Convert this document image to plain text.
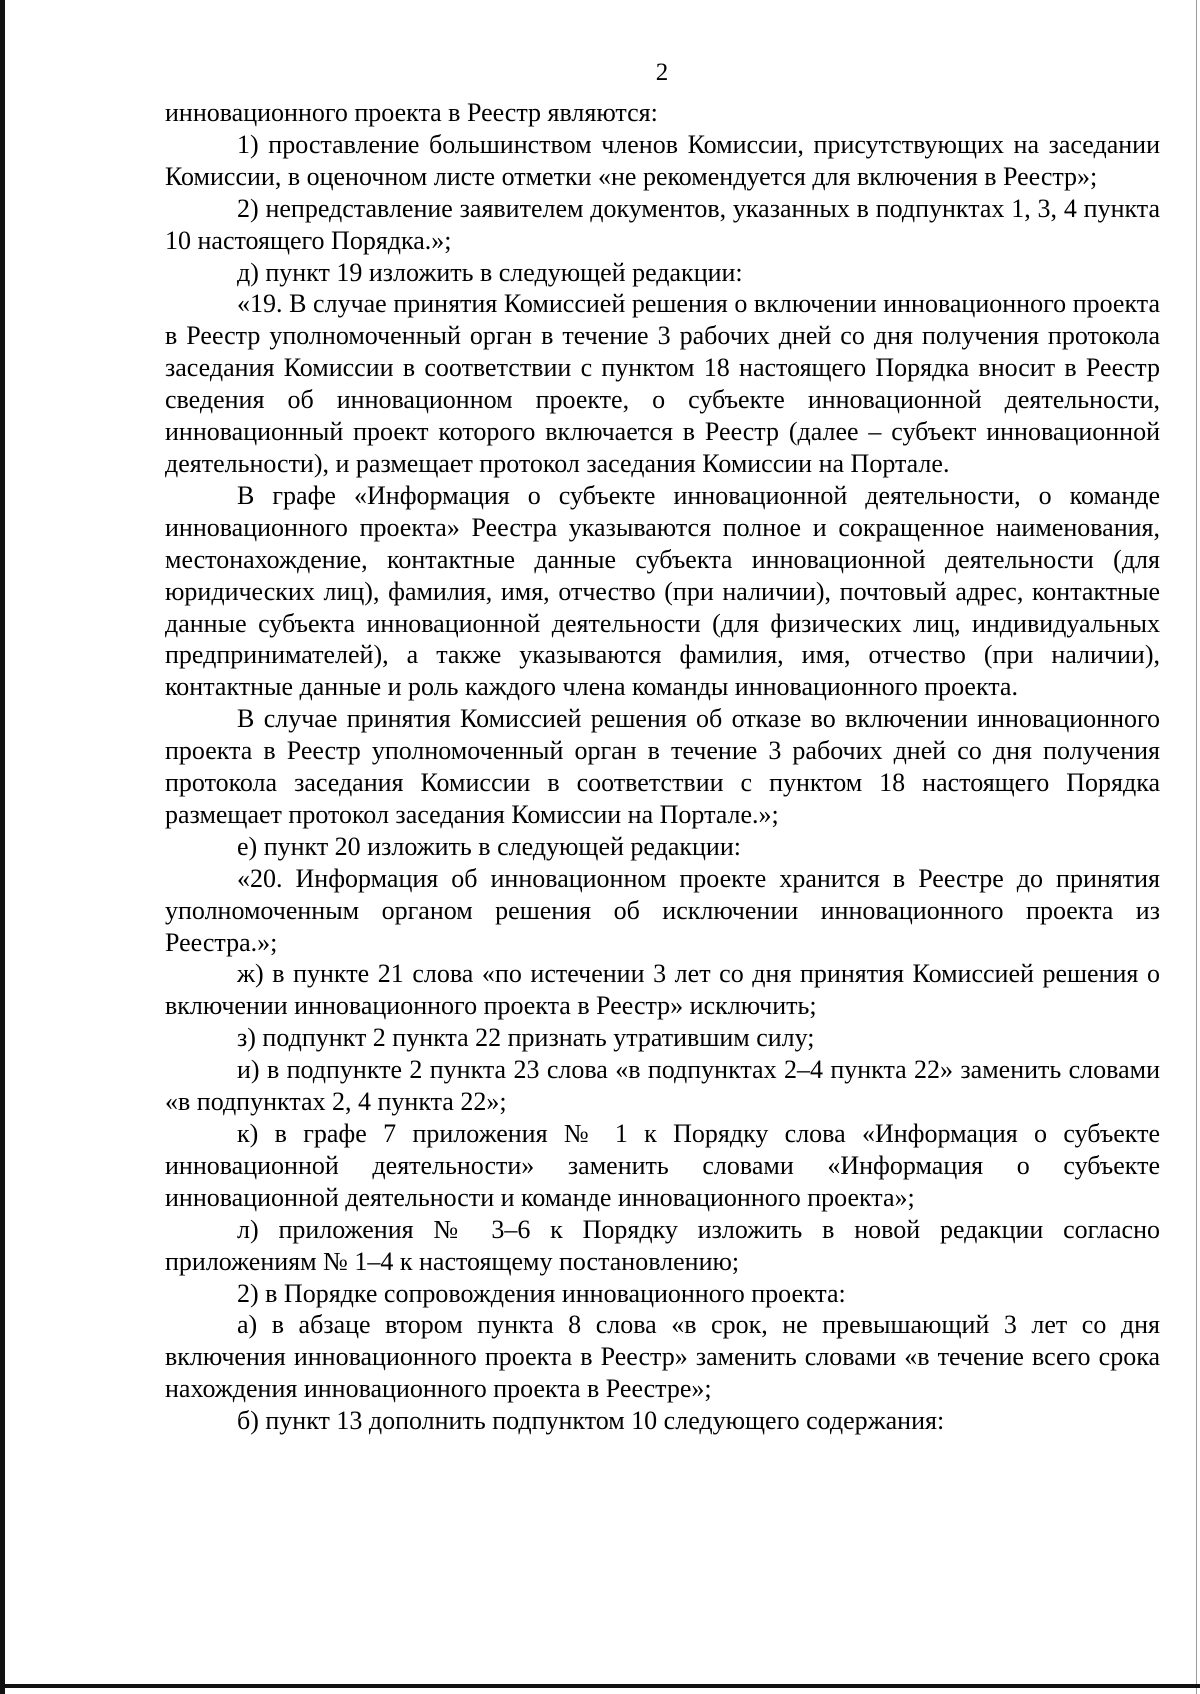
2

инновационного проекта в Реестр являются:

1) проставление большинством членов Комиссии, присутствующих на заседании Комиссии, в оценочном листе отметки «не рекомендуется для включения в Реестр»;

2) непредставление заявителем документов, указанных в подпунктах 1, 3, 4 пункта 10 настоящего Порядка.»;

д) пункт 19 изложить в следующей редакции:

«19. В случае принятия Комиссией решения о включении инновационного проекта в Реестр уполномоченный орган в течение 3 рабочих дней со дня получения протокола заседания Комиссии в соответствии с пунктом 18 настоящего Порядка вносит в Реестр сведения об инновационном проекте, о субъекте инновационной деятельности, инновационный проект которого включается в Реестр (далее – субъект инновационной деятельности), и размещает протокол заседания Комиссии на Портале.

В графе «Информация о субъекте инновационной деятельности, о команде инновационного проекта» Реестра указываются полное и сокращенное наименования, местонахождение, контактные данные субъекта инновационной деятельности (для юридических лиц), фамилия, имя, отчество (при наличии), почтовый адрес, контактные данные субъекта инновационной деятельности (для физических лиц, индивидуальных предпринимателей), а также указываются фамилия, имя, отчество (при наличии), контактные данные и роль каждого члена команды инновационного проекта.

В случае принятия Комиссией решения об отказе во включении инновационного проекта в Реестр уполномоченный орган в течение 3 рабочих дней со дня получения протокола заседания Комиссии в соответствии с пунктом 18 настоящего Порядка размещает протокол заседания Комиссии на Портале.»;

е) пункт 20 изложить в следующей редакции:

«20. Информация об инновационном проекте хранится в Реестре до принятия уполномоченным органом решения об исключении инновационного проекта из Реестра.»;

ж) в пункте 21 слова «по истечении 3 лет со дня принятия Комиссией решения о включении инновационного проекта в Реестр» исключить;

з) подпункт 2 пункта 22 признать утратившим силу;

и) в подпункте 2 пункта 23 слова «в подпунктах 2–4 пункта 22» заменить словами «в подпунктах 2, 4 пункта 22»;

к) в графе 7 приложения № 1 к Порядку слова «Информация о субъекте инновационной деятельности» заменить словами «Информация о субъекте инновационной деятельности и команде инновационного проекта»;

л) приложения № 3–6 к Порядку изложить в новой редакции согласно приложениям № 1–4 к настоящему постановлению;

2) в Порядке сопровождения инновационного проекта:

а) в абзаце втором пункта 8 слова «в срок, не превышающий 3 лет со дня включения инновационного проекта в Реестр» заменить словами «в течение всего срока нахождения инновационного проекта в Реестре»;

б) пункт 13 дополнить подпунктом 10 следующего содержания:
